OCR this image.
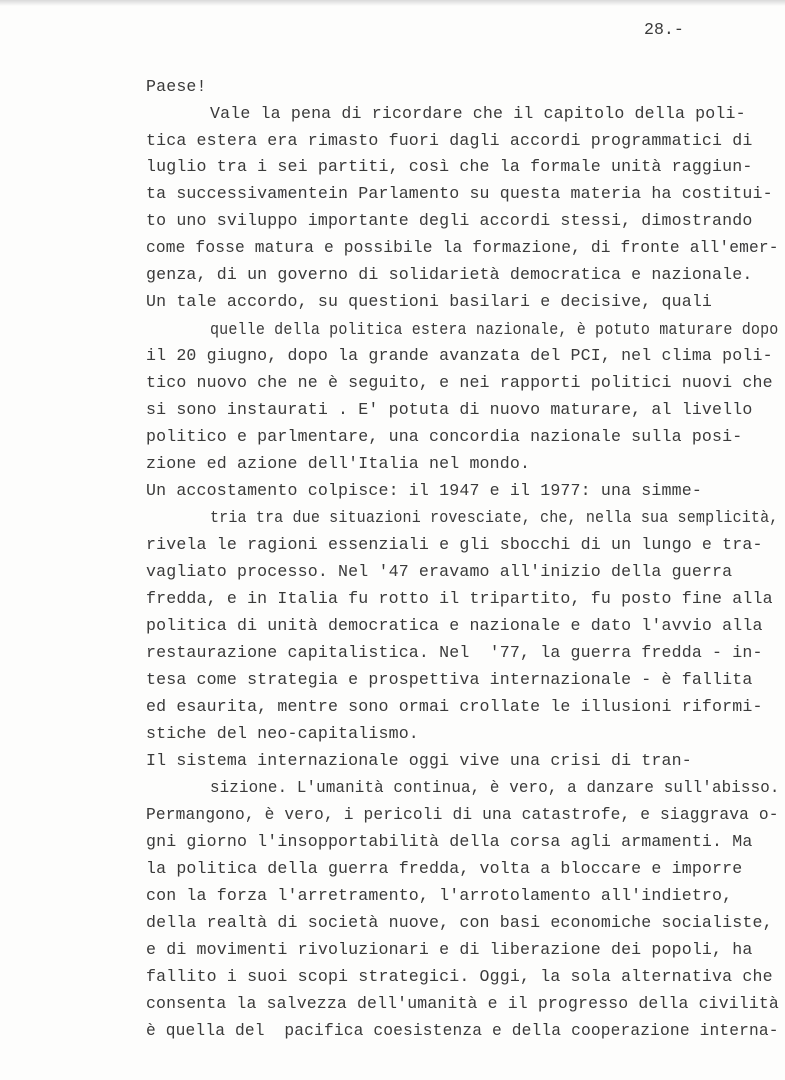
28.-
Paese!
Vale la pena di ricordare che il capitolo della poli-
tica estera era rimasto fuori dagli accordi programmatici di
luglio tra i sei partiti, così che la formale unità raggiun-
ta successivamentein Parlamento su questa materia ha costitui-
to uno sviluppo importante degli accordi stessi, dimostrando
come fosse matura e possibile la formazione, di fronte all'emer-
genza, di un governo di solidarietà democratica e nazionale.
Un tale accordo, su questioni basilari e decisive, quali
quelle della politica estera nazionale, è potuto maturare dopo
il 20 giugno, dopo la grande avanzata del PCI, nel clima poli-
tico nuovo che ne è seguito, e nei rapporti politici nuovi che
si sono instaurati . E' potuta di nuovo maturare, al livello
politico e parlmentare, una concordia nazionale sulla posi-
zione ed azione dell'Italia nel mondo.
Un accostamento colpisce: il 1947 e il 1977: una simme-
tria tra due situazioni rovesciate, che, nella sua semplicità,
rivela le ragioni essenziali e gli sbocchi di un lungo e tra-
vagliato processo. Nel '47 eravamo all'inizio della guerra
fredda, e in Italia fu rotto il tripartito, fu posto fine alla
politica di unità democratica e nazionale e dato l'avvio alla
restaurazione capitalistica. Nel  '77, la guerra fredda - in-
tesa come strategia e prospettiva internazionale - è fallita
ed esaurita, mentre sono ormai crollate le illusioni riformi-
stiche del neo-capitalismo.
Il sistema internazionale oggi vive una crisi di tran-
sizione. L'umanità continua, è vero, a danzare sull'abisso.
Permangono, è vero, i pericoli di una catastrofe, e siaggrava o-
gni giorno l'insopportabilità della corsa agli armamenti. Ma
la politica della guerra fredda, volta a bloccare e imporre
con la forza l'arretramento, l'arrotolamento all'indietro,
della realtà di società nuove, con basi economiche socialiste,
e di movimenti rivoluzionari e di liberazione dei popoli, ha
fallito i suoi scopi strategici. Oggi, la sola alternativa che
consenta la salvezza dell'umanità e il progresso della civilità
è quella del  pacifica coesistenza e della cooperazione interna-
